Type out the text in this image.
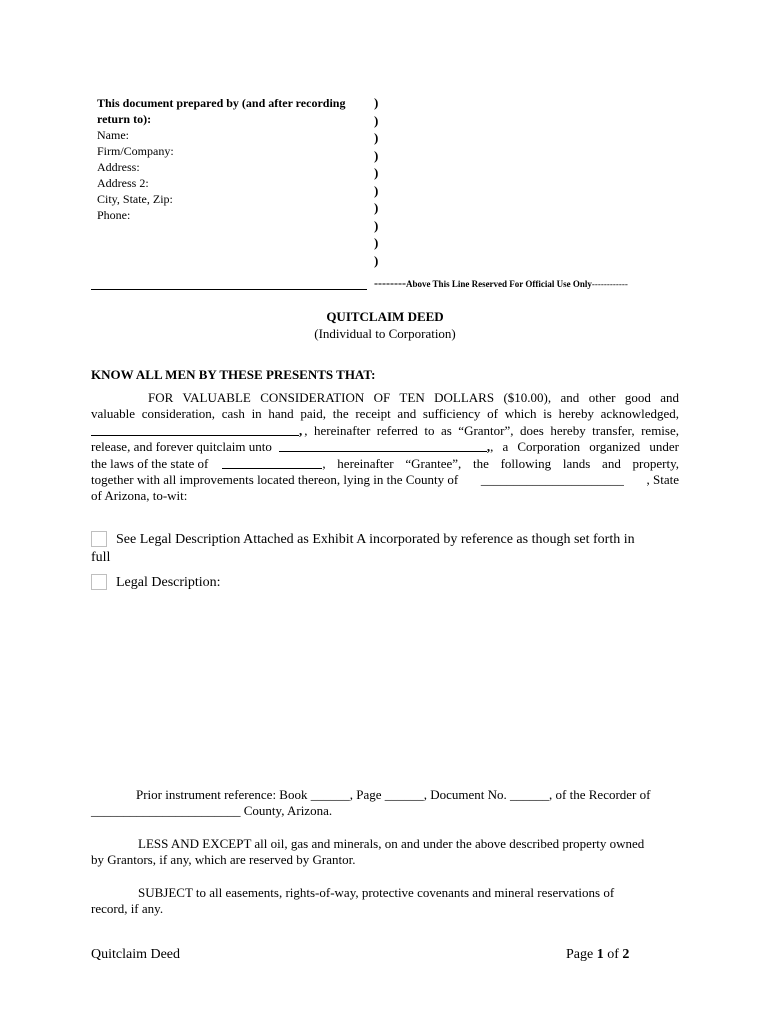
This document prepared by (and after recording
return to):
Name:
Firm/Company:
Address:
Address 2:
City, State, Zip:
Phone:
)
)
)
)
)
)
)
)
)
)
--------Above This Line Reserved For Official Use Only------------
QUITCLAIM DEED
(Individual to Corporation)
KNOW ALL MEN BY THESE PRESENTS THAT:
FOR VALUABLE CONSIDERATION OF TEN DOLLARS ($10.00), and other good and
valuable consideration, cash in hand paid, the receipt and sufficiency of which is hereby acknowledged,
, , hereinafter referred to as “Grantor”, does hereby transfer, remise,
release, and forever quitclaim unto	, , a Corporation organized under
the laws of the state of	, hereinafter “Grantee”, the following lands and property,
together with all improvements located thereon, lying in the County of ______________________ , State
of Arizona, to-wit:
See Legal Description Attached as Exhibit A incorporated by reference as though set forth in
full
Legal Description:
Prior instrument reference: Book ______, Page ______, Document No. ______, of the Recorder of
_______________________ County, Arizona.
LESS AND EXCEPT all oil, gas and minerals, on and under the above described property owned
by Grantors, if any, which are reserved by Grantor.
SUBJECT to all easements, rights-of-way, protective covenants and mineral reservations of
record, if any.
Quitclaim Deed	Page 1 of 2
